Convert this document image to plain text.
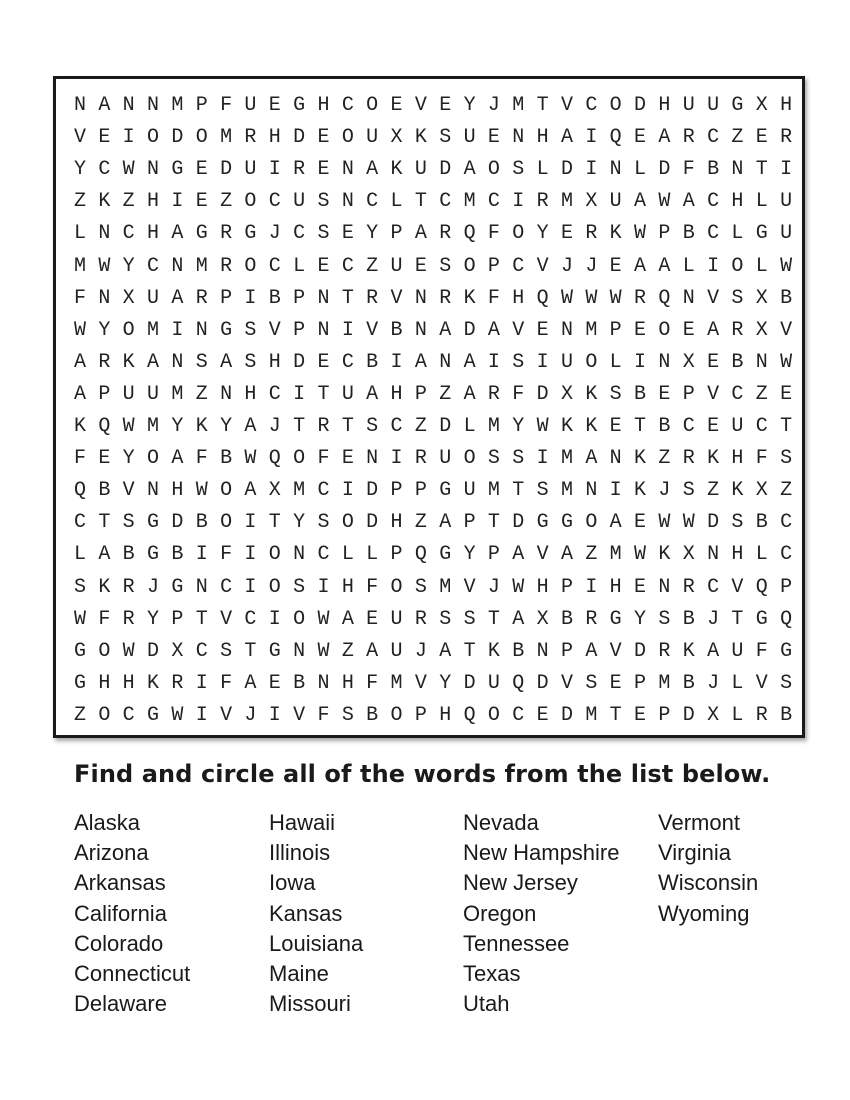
N A N N M P F U E G H C O E V E Y J M T V C O D H U U G X H
V E I O D O M R H D E O U X K S U E N H A I Q E A R C Z E R
Y C W N G E D U I R E N A K U D A O S L D I N L D F B N T I
Z K Z H I E Z O C U S N C L T C M C I R M X U A W A C H L U
L N C H A G R G J C S E Y P A R Q F O Y E R K W P B C L G U
M W Y C N M R O C L E C Z U E S O P C V J J E A A L I O L W
F N X U A R P I B P N T R V N R K F H Q W W W R Q N V S X B
W Y O M I N G S V P N I V B N A D A V E N M P E O E A R X V
A R K A N S A S H D E C B I A N A I S I U O L I N X E B N W
A P U U M Z N H C I T U A H P Z A R F D X K S B E P V C Z E
K Q W M Y K Y A J T R T S C Z D L M Y W K K E T B C E U C T
F E Y O A F B W Q O F E N I R U O S S I M A N K Z R K H F S
Q B V N H W O A X M C I D P P G U M T S M N I K J S Z K X Z
C T S G D B O I T Y S O D H Z A P T D G G O A E W W D S B C
L A B G B I F I O N C L L P Q G Y P A V A Z M W K X N H L C
S K R J G N C I O S I H F O S M V J W H P I H E N R C V Q P
W F R Y P T V C I O W A E U R S S T A X B R G Y S B J T G Q
G O W D X C S T G N W Z A U J A T K B N P A V D R K A U F G
G H H K R I F A E B N H F M V Y D U Q D V S E P M B J L V S
Z O C G W I V J I V F S B O P H Q O C E D M T E P D X L R B
Find and circle all of the words from the list below.
Alaska
Arizona
Arkansas
California
Colorado
Connecticut
Delaware
Hawaii
Illinois
Iowa
Kansas
Louisiana
Maine
Missouri
Nevada
New Hampshire
New Jersey
Oregon
Tennessee
Texas
Utah
Vermont
Virginia
Wisconsin
Wyoming
